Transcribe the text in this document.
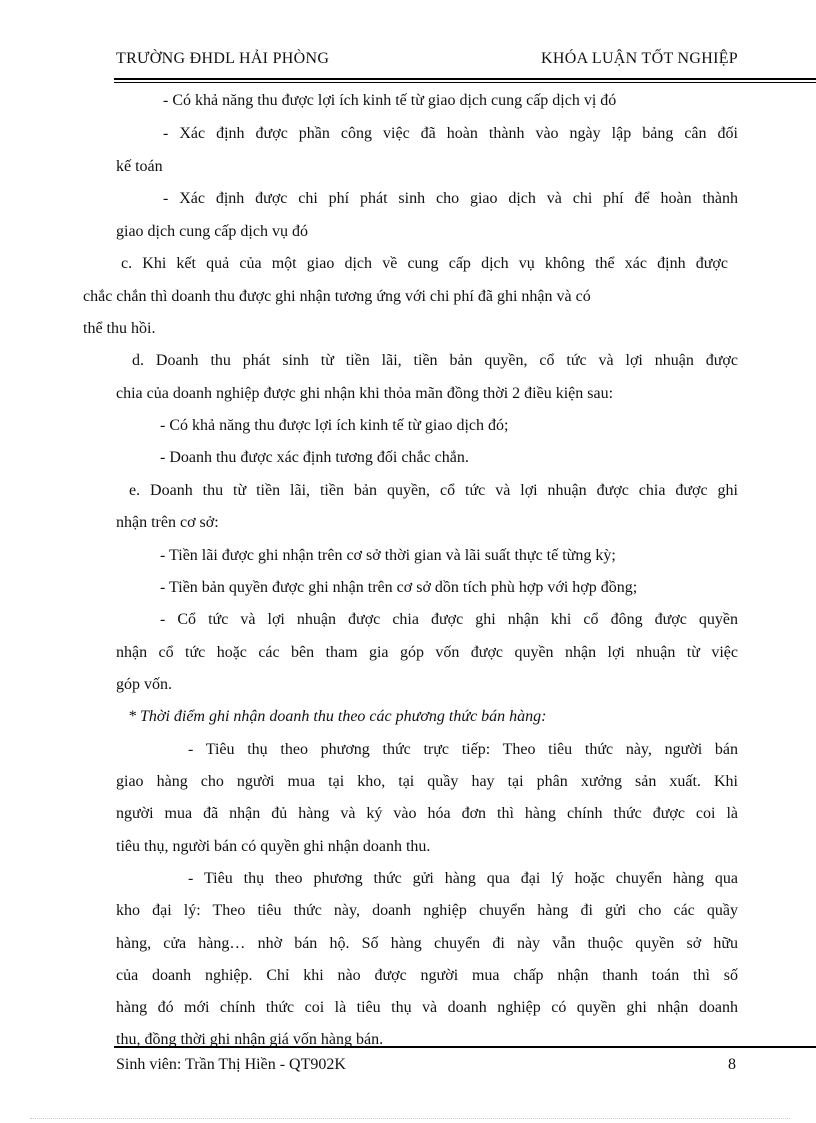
TRƯỜNG ĐHDL HẢI PHÒNG	KHÓA LUẬN TỐT NGHIỆP
- Có khả năng thu được lợi ích kinh tế từ giao dịch cung cấp dịch vị đó
- Xác định được phần công việc đã hoàn thành vào ngày lập bảng cân đối
kế toán
- Xác định được chi phí phát sinh cho giao dịch và chi phí để hoàn thành
giao dịch cung cấp dịch vụ đó
c. Khi kết quả của một giao dịch về cung cấp dịch vụ không thể xác định được
chắc chắn thì doanh thu được ghi nhận tương ứng với chi phí đã ghi nhận và có
thể thu hồi.
d. Doanh thu phát sinh từ tiền lãi, tiền bản quyền, cổ tức và lợi nhuận được
chia của doanh nghiệp được ghi nhận khi thỏa mãn đồng thời 2 điều kiện sau:
- Có khả năng thu được lợi ích kinh tế từ giao dịch đó;
- Doanh thu được xác định tương đối chắc chắn.
e. Doanh thu từ tiền lãi, tiền bản quyền, cổ tức và lợi nhuận được chia được ghi
nhận trên cơ sở:
- Tiền lãi được ghi nhận trên cơ sở thời gian và lãi suất thực tế từng kỳ;
- Tiền bản quyền được ghi nhận trên cơ sở dồn tích phù hợp với hợp đồng;
- Cổ tức và lợi nhuận được chia được ghi nhận khi cổ đông được quyền
nhận cổ tức hoặc các bên tham gia góp vốn được quyền nhận lợi nhuận từ việc
góp vốn.
* Thời điểm ghi nhận doanh thu theo các phương thức bán hàng:
- Tiêu thụ theo phương thức trực tiếp: Theo tiêu thức này, người bán
giao hàng cho người mua tại kho, tại quầy hay tại phân xưởng sản xuất. Khi
người mua đã nhận đủ hàng và ký vào hóa đơn thì hàng chính thức được coi là
tiêu thụ, người bán có quyền ghi nhận doanh thu.
- Tiêu thụ theo phương thức gửi hàng qua đại lý hoặc chuyển hàng qua
kho đại lý: Theo tiêu thức này, doanh nghiệp chuyển hàng đi gửi cho các quầy
hàng, cửa hàng… nhờ bán hộ. Số hàng chuyển đi này vẫn thuộc quyền sở hữu
của doanh nghiệp. Chỉ khi nào được người mua chấp nhận thanh toán thì số
hàng đó mới chính thức coi là tiêu thụ và doanh nghiệp có quyền ghi nhận doanh
thu, đồng thời ghi nhận giá vốn hàng bán.
Sinh viên: Trần Thị Hiền - QT902K	8
